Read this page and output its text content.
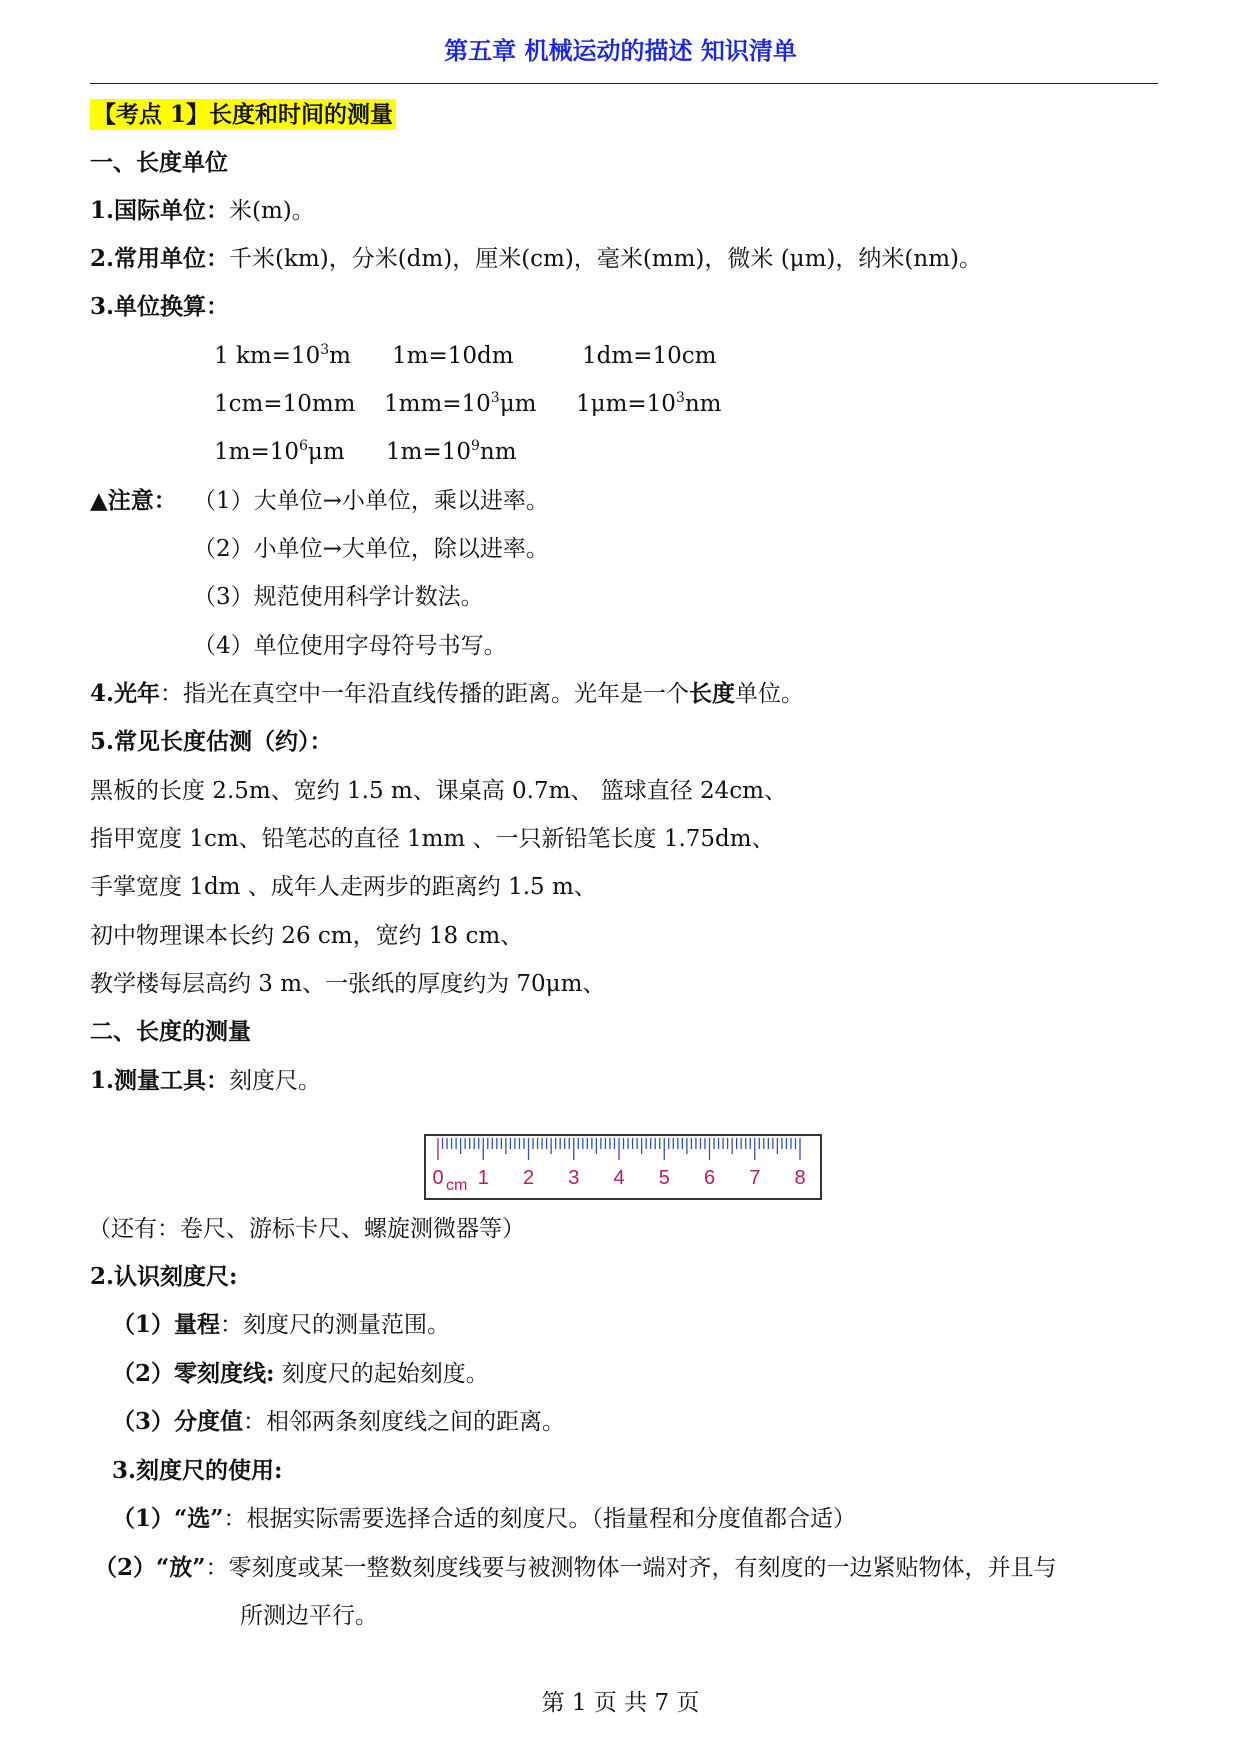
第五章 机械运动的描述 知识清单
【考点 1】长度和时间的测量
一、长度单位
1.国际单位：米(m)。
2.常用单位：千米(km)，分米(dm)，厘米(cm)，毫米(mm)，微米 (μm)，纳米(nm)。
3.单位换算：
1 $km=10^3m$ 1m=10dm	1dm=10cm
1cm=10mm $1mm=10^3\mu m$ $1\mu m=10^3nm$
$1m=10^6\mu m$ $1m=10^9nm$
▲注意： （1）大单位→小单位，乘以进率。
（2）小单位→大单位，除以进率。
（3）规范使用科学计数法。
（4）单位使用字母符号书写。
4.光年：指光在真空中一年沿直线传播的距离。光年是一个长度单位。
5.常见长度估测（约）：
黑板的长度 2.5m、宽约 1.5 m、课桌高 0.7m、 篮球直径 24cm、
指甲宽度 1cm、铅笔芯的直径 1mm 、一只新铅笔长度 1.75dm、
手掌宽度 1dm 、成年人走两步的距离约 1.5 m、
初中物理课本长约 26 cm，宽约 18 cm、
教学楼每层高约 3 m、一张纸的厚度约为 70μm、
二、长度的测量
1.测量工具：刻度尺。
0 1 2 3 4 5 6 7 8
cm
（还有：卷尺、游标卡尺、螺旋测微器等）
2.认识刻度尺:
（1）量程：刻度尺的测量范围。
（2）零刻度线: 刻度尺的起始刻度。
（3）分度值：相邻两条刻度线之间的距离。
3.刻度尺的使用:
（1）“选”：根据实际需要选择合适的刻度尺。（指量程和分度值都合适）
（2）“放”：零刻度或某一整数刻度线要与被测物体一端对齐，有刻度的一边紧贴物体，并且与
所测边平行。
第 1 页 共 7 页
